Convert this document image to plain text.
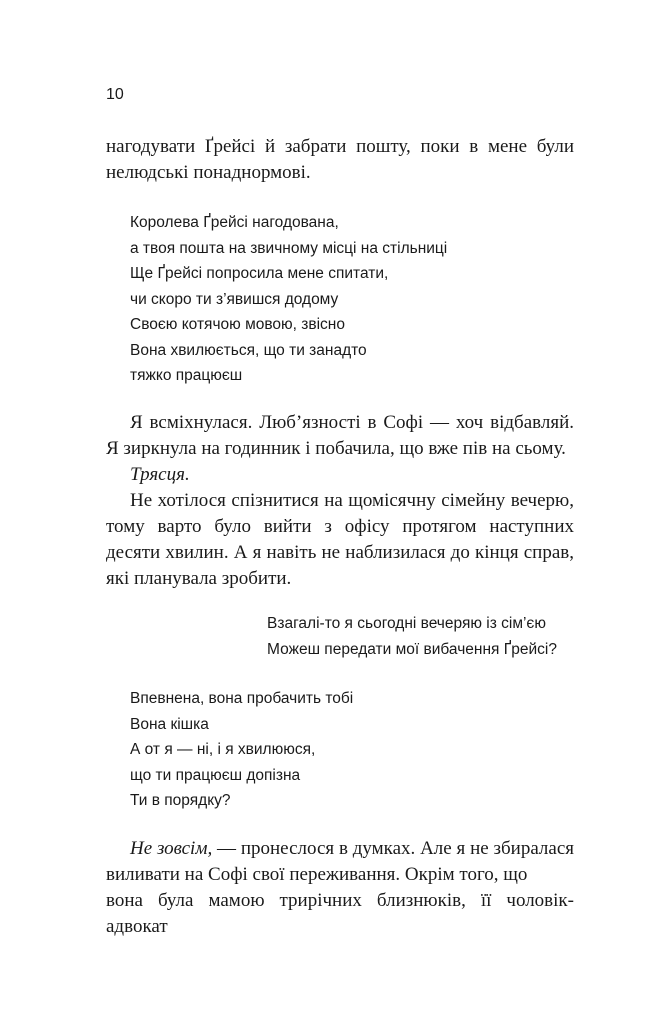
10

нагодувати Ґрейсі й забрати пошту, поки в мене були нелюдські понаднормові.

Королева Ґрейсі нагодована,
а твоя пошта на звичному місці на стільниці
Ще Ґрейсі попросила мене спитати,
чи скоро ти з’явишся додому
Своєю котячою мовою, звісно
Вона хвилюється, що ти занадто
тяжко працюєш

Я всміхнулася. Люб’язності в Софі — хоч відбавляй. Я зиркнула на годинник і побачила, що вже пів на сьому.

Трясця.

Не хотілося спізнитися на щомісячну сімейну вечерю, тому варто було вийти з офісу протягом наступних десяти хвилин. А я навіть не наблизилася до кінця справ, які планувала зробити.

Взагалі-то я сьогодні вечеряю із сім’єю
Можеш передати мої вибачення Ґрейсі?
Впевнена, вона пробачить тобі
Вона кішка
А от я — ні, і я хвилююся,
що ти працюєш допізна
Ти в порядку?

Не зовсім, — пронеслося в думках. Але я не збиралася виливати на Софі свої переживання. Окрім того, що

вона була мамою трирічних близнюків, її чоловік-адвокат
